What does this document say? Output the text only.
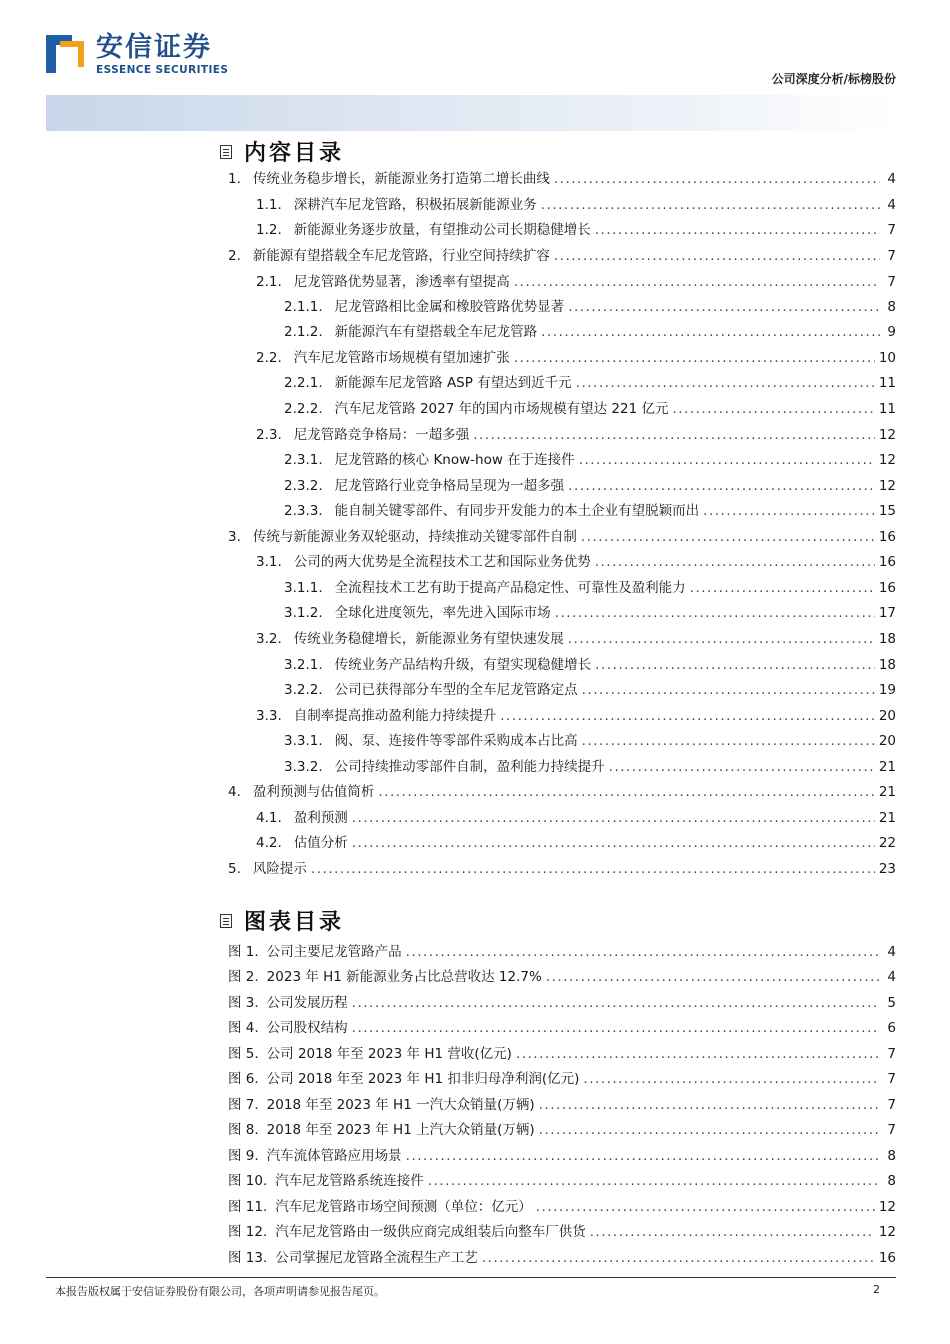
安信证券
ESSENCE SECURITIES
公司深度分析/标榜股份
内容目录
1. 传统业务稳步增长，新能源业务打造第二增长曲线 .....	4
1.1. 深耕汽车尼龙管路，积极拓展新能源业务 .....	4
1.2. 新能源业务逐步放量，有望推动公司长期稳健增长 .....	7
2. 新能源有望搭载全车尼龙管路，行业空间持续扩容 .....	7
2.1. 尼龙管路优势显著，渗透率有望提高 .....	7
2.1.1. 尼龙管路相比金属和橡胶管路优势显著 .....	8
2.1.2. 新能源汽车有望搭载全车尼龙管路 .....	9
2.2. 汽车尼龙管路市场规模有望加速扩张 .....	10
2.2.1. 新能源车尼龙管路 ASP 有望达到近千元 .....	11
2.2.2. 汽车尼龙管路 2027 年的国内市场规模有望达 221 亿元 .....	11
2.3. 尼龙管路竞争格局：一超多强 .....	12
2.3.1. 尼龙管路的核心 Know-how 在于连接件 .....	12
2.3.2. 尼龙管路行业竞争格局呈现为一超多强 .....	12
2.3.3. 能自制关键零部件、有同步开发能力的本土企业有望脱颖而出 .....	15
3. 传统与新能源业务双轮驱动，持续推动关键零部件自制 .....	16
3.1. 公司的两大优势是全流程技术工艺和国际业务优势 .....	16
3.1.1. 全流程技术工艺有助于提高产品稳定性、可靠性及盈利能力 .....	16
3.1.2. 全球化进度领先，率先进入国际市场 .....	17
3.2. 传统业务稳健增长，新能源业务有望快速发展 .....	18
3.2.1. 传统业务产品结构升级，有望实现稳健增长 .....	18
3.2.2. 公司已获得部分车型的全车尼龙管路定点 .....	19
3.3. 自制率提高推动盈利能力持续提升 .....	20
3.3.1. 阀、泵、连接件等零部件采购成本占比高 .....	20
3.3.2. 公司持续推动零部件自制，盈利能力持续提升 .....	21
4. 盈利预测与估值简析 .....	21
4.1. 盈利预测 .....	21
4.2. 估值分析 .....	22
5. 风险提示 .....	23
图表目录
图 1. 公司主要尼龙管路产品 .....	4
图 2. 2023 年 H1 新能源业务占比总营收达 12.7% .....	4
图 3. 公司发展历程 .....	5
图 4. 公司股权结构 .....	6
图 5. 公司 2018 年至 2023 年 H1 营收(亿元) .....	7
图 6. 公司 2018 年至 2023 年 H1 扣非归母净利润(亿元) .....	7
图 7. 2018 年至 2023 年 H1 一汽大众销量(万辆) .....	7
图 8. 2018 年至 2023 年 H1 上汽大众销量(万辆) .....	7
图 9. 汽车流体管路应用场景 .....	8
图 10. 汽车尼龙管路系统连接件 .....	8
图 11. 汽车尼龙管路市场空间预测（单位：亿元） .....	12
图 12. 汽车尼龙管路由一级供应商完成组装后向整车厂供货 .....	12
图 13. 公司掌握尼龙管路全流程生产工艺 .....	16
本报告版权属于安信证券股份有限公司，各项声明请参见报告尾页。	2
